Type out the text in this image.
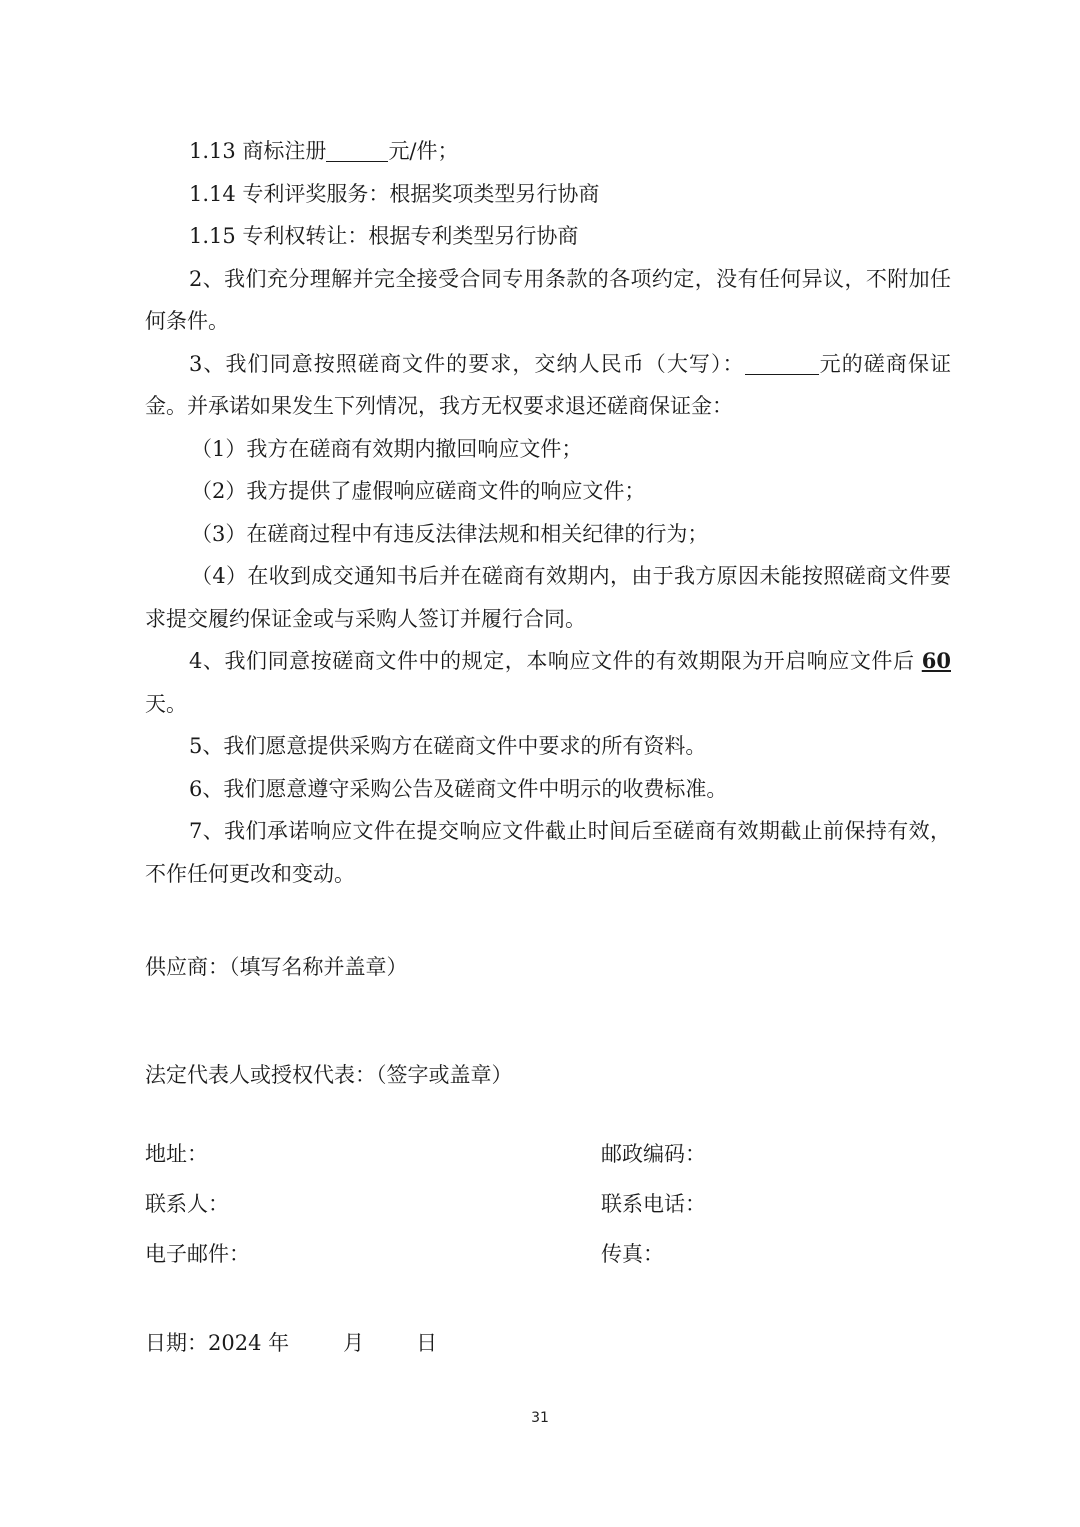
1.13 商标注册	元/件；

1.14 专利评奖服务：根据奖项类型另行协商

1.15 专利权转让：根据专利类型另行协商

2、我们充分理解并完全接受合同专用条款的各项约定，没有任何异议，不附加任何条件。

3、我们同意按照磋商文件的要求，交纳人民币（大写）：	元的磋商保证金。并承诺如果发生下列情况，我方无权要求退还磋商保证金：

（1）我方在磋商有效期内撤回响应文件；

（2）我方提供了虚假响应磋商文件的响应文件；

（3）在磋商过程中有违反法律法规和相关纪律的行为；

（4）在收到成交通知书后并在磋商有效期内，由于我方原因未能按照磋商文件要求提交履约保证金或与采购人签订并履行合同。

4、我们同意按磋商文件中的规定，本响应文件的有效期限为开启响应文件后 60天。

5、我们愿意提供采购方在磋商文件中要求的所有资料。

6、我们愿意遵守采购公告及磋商文件中明示的收费标准。

7、我们承诺响应文件在提交响应文件截止时间后至磋商有效期截止前保持有效，不作任何更改和变动。

供应商：（填写名称并盖章）
法定代表人或授权代表：（签字或盖章）
地址：	邮政编码：
联系人：	联系电话：
电子邮件：	传真：
日期：2024 年	月 日
31
